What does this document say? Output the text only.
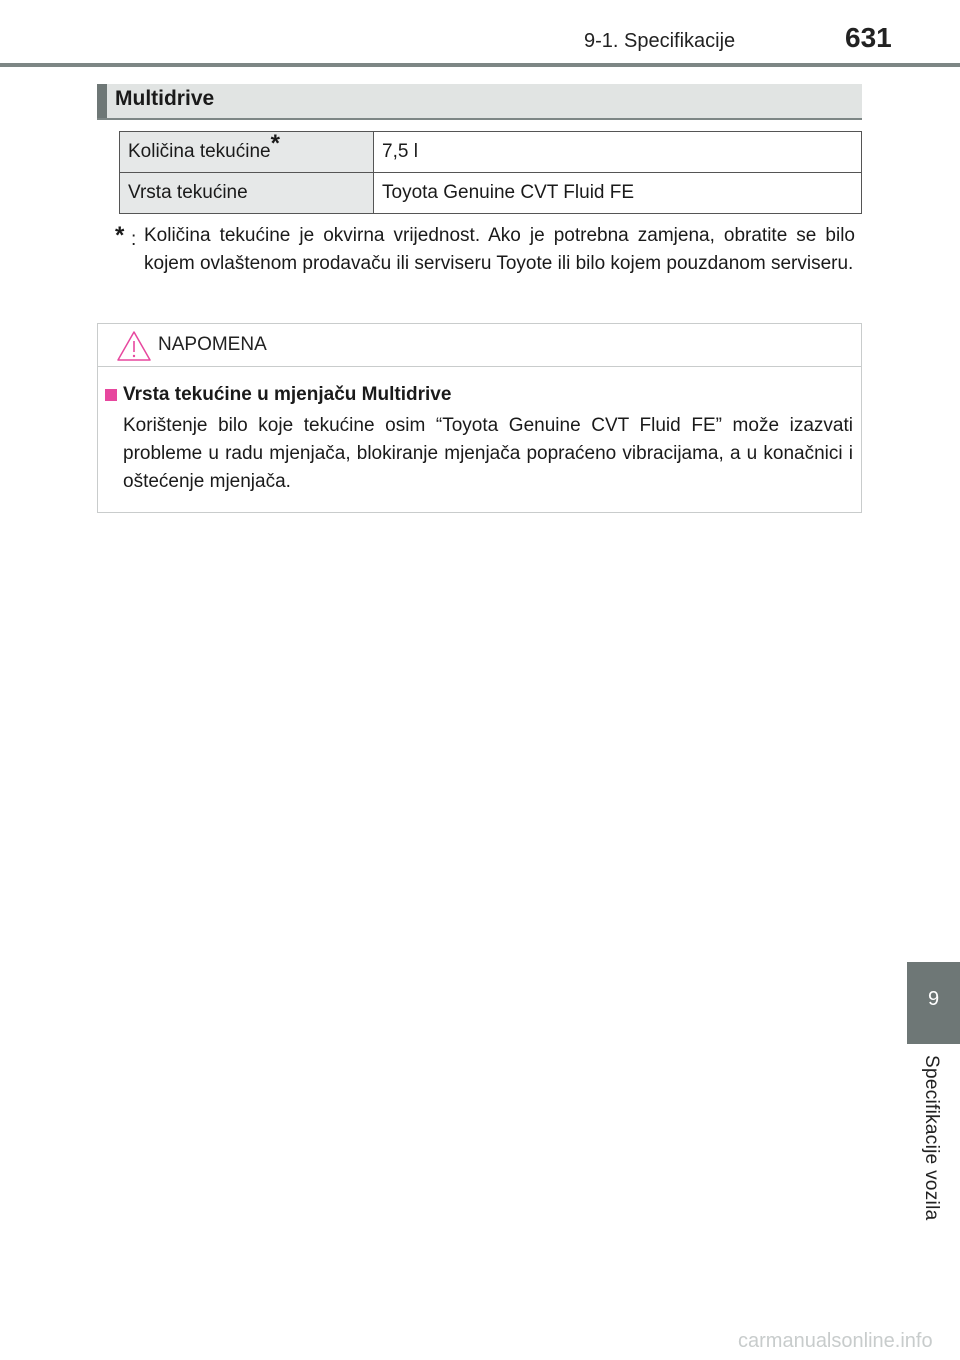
9-1. Specifikacije	631
Multidrive
Količina tekućine*	7,5 l
Vrsta tekućine	Toyota Genuine CVT Fluid FE
* : Količina tekućine je okvirna vrijednost. Ako je potrebna zamjena, obratite se bilo kojem ovlaštenom prodavaču ili serviseru Toyote ili bilo kojem pouzdanom serviseru.
NAPOMENA
Vrsta tekućine u mjenjaču Multidrive
Korištenje bilo koje tekućine osim “Toyota Genuine CVT Fluid FE” može izazvati probleme u radu mjenjača, blokiranje mjenjača popraćeno vibracijama, a u konačnici i oštećenje mjenjača.
9
Specifikacije vozila
carmanualsonline.info
